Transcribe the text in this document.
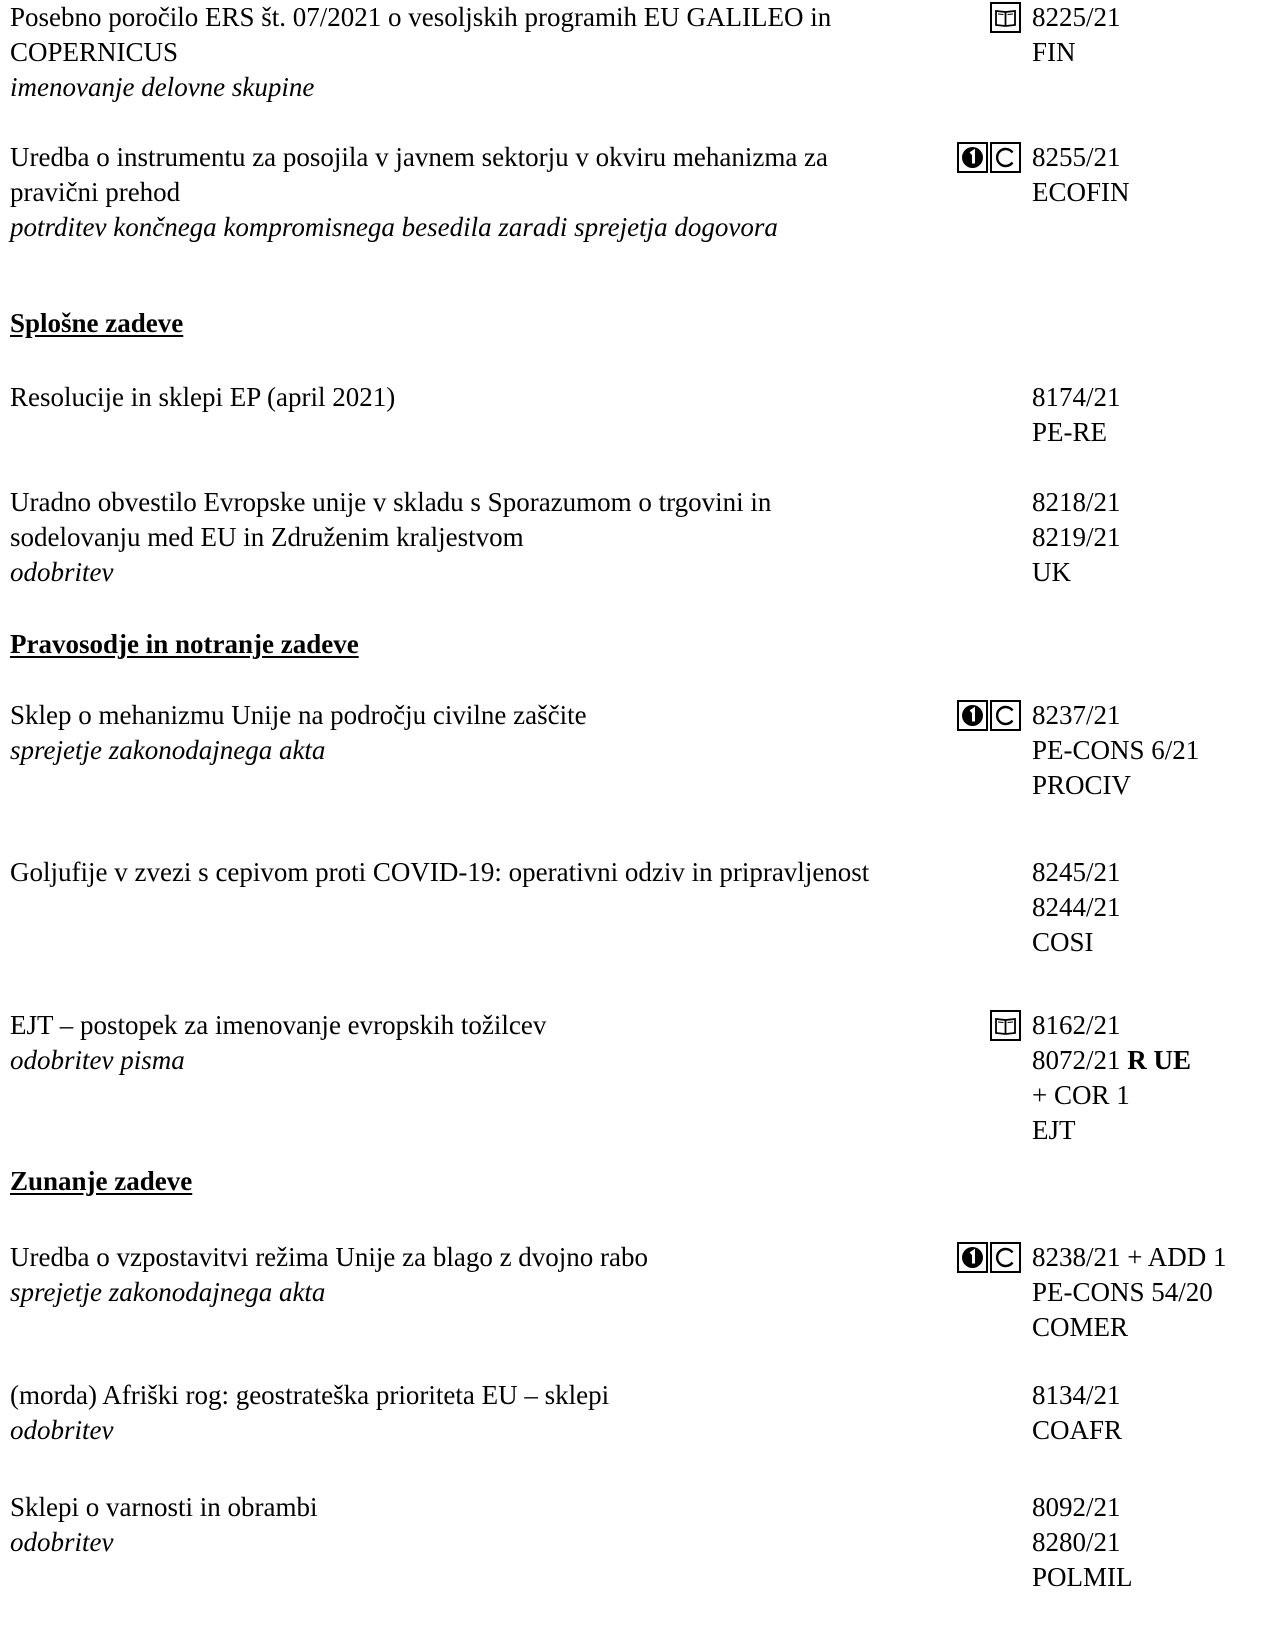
Posebno poročilo ERS št. 07/2021 o vesoljskih programih EU GALILEO in COPERNICUS
imenovanje delovne skupine
8225/21
FIN
Uredba o instrumentu za posojila v javnem sektorju v okviru mehanizma za pravični prehod
potrditev končnega kompromisnega besedila zaradi sprejetja dogovora
8255/21
ECOFIN
Resolucije in sklepi EP (april 2021)	8174/21
PE-RE
Uradno obvestilo Evropske unije v skladu s Sporazumom o trgovini in sodelovanju med EU in Združenim kraljestvom
odobritev
8218/21
8219/21
UK
Sklep o mehanizmu Unije na področju civilne zaščite
sprejetje zakonodajnega akta
8237/21
PE-CONS 6/21
PROCIV
Goljufije v zvezi s cepivom proti COVID-19: operativni odziv in pripravljenost	8245/21
8244/21
COSI
EJT – postopek za imenovanje evropskih tožilcev
odobritev pisma
8162/21
8072/21 R UE
+ COR 1
EJT
Uredba o vzpostavitvi režima Unije za blago z dvojno rabo
sprejetje zakonodajnega akta
8238/21 + ADD 1
PE-CONS 54/20
COMER
(morda) Afriški rog: geostrateška prioriteta EU – sklepi
odobritev
8134/21
COAFR
Sklepi o varnosti in obrambi
odobritev
8092/21
8280/21
POLMIL
Splošne zadeve
Pravosodje in notranje zadeve
Zunanje zadeve
